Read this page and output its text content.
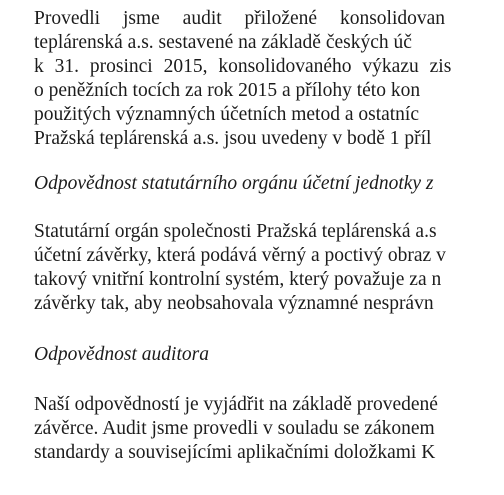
Provedli jsme audit přiložené konsolidovan
teplárenská a.s. sestavené na základě českých úč
k 31. prosinci 2015, konsolidovaného výkazu zis
o peněžních tocích za rok 2015 a přílohy této kon
použitých významných účetních metod a ostatníc
Pražská teplárenská a.s. jsou uvedeny v bodě 1 příl

Odpovědnost statutárního orgánu účetní jednotky z

Statutární orgán společnosti Pražská teplárenská a.s
účetní závěrky, která podává věrný a poctivý obraz v
takový vnitřní kontrolní systém, který považuje za n
závěrky tak, aby neobsahovala významné nesprávn

Odpovědnost auditora

Naší odpovědností je vyjádřit na základě provedené
závěrce. Audit jsme provedli v souladu se zákonem
standardy a souvisejícími aplikačními doložkami K
